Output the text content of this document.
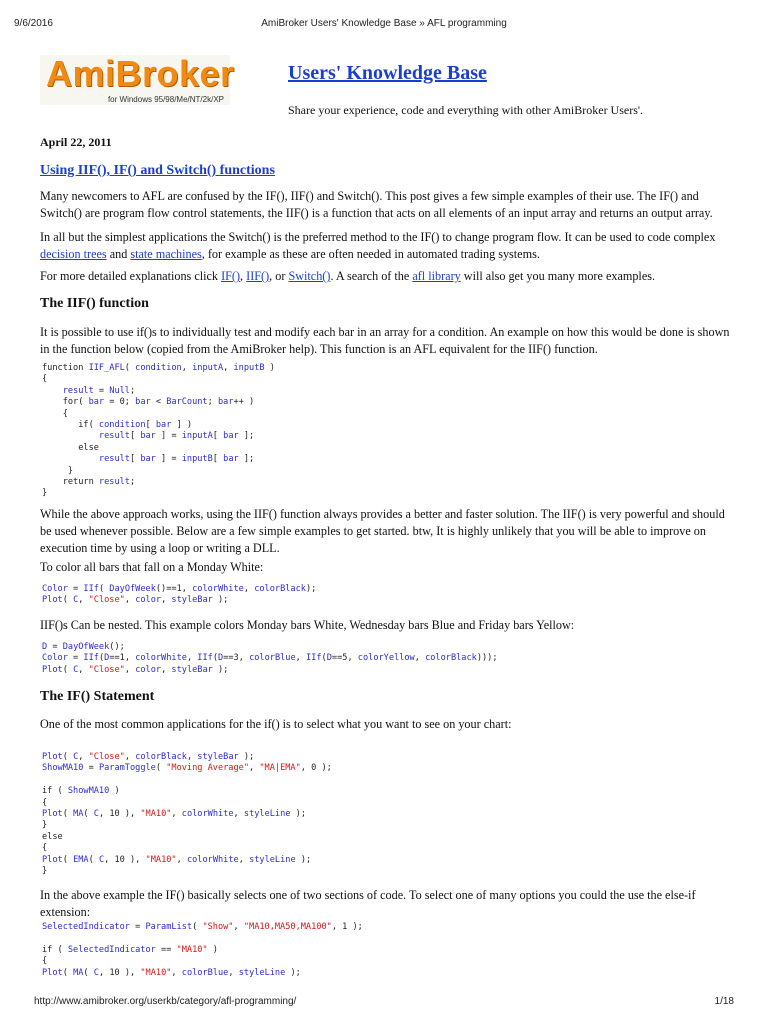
9/6/2016	AmiBroker Users' Knowledge Base » AFL programming
AmiBroker
for Windows 95/98/Me/NT/2k/XP
Users' Knowledge Base
Share your experience, code and everything with other AmiBroker Users'.
April 22, 2011
Using IIF(), IF() and Switch() functions
Many newcomers to AFL are confused by the IF(), IIF() and Switch(). This post gives a few simple examples of their use. The IF() and Switch() are program flow control statements, the IIF() is a function that acts on all elements of an input array and returns an output array.
In all but the simplest applications the Switch() is the preferred method to the IF() to change program flow. It can be used to code complex decision trees and state machines, for example as these are often needed in automated trading systems.
For more detailed explanations click IF(), IIF(), or Switch(). A search of the afl library will also get you many more examples.
The IIF() function
It is possible to use if()s to individually test and modify each bar in an array for a condition. An example on how this would be done is shown in the function below (copied from the AmiBroker help). This function is an AFL equivalent for the IIF() function.
function IIF_AFL( condition, inputA, inputB )
{
result = Null;
for( bar = 0; bar < BarCount; bar++ )
{
if( condition[ bar ] )
result[ bar ] = inputA[ bar ];
else
result[ bar ] = inputB[ bar ];
}
return result;
}
While the above approach works, using the IIF() function always provides a better and faster solution. The IIF() is very powerful and should be used whenever possible. Below are a few simple examples to get started. btw, It is highly unlikely that you will be able to improve on execution time by using a loop or writing a DLL.
To color all bars that fall on a Monday White:
Color = IIf( DayOfWeek()==1, colorWhite, colorBlack);
Plot( C, "Close", color, styleBar );
IIF()s Can be nested. This example colors Monday bars White, Wednesday bars Blue and Friday bars Yellow:
D = DayOfWeek();
Color = IIf(D==1, colorWhite, IIf(D==3, colorBlue, IIf(D==5, colorYellow, colorBlack)));
Plot( C, "Close", color, styleBar );
The IF() Statement
One of the most common applications for the if() is to select what you want to see on your chart:
Plot( C, "Close", colorBlack, styleBar );
ShowMA10 = ParamToggle( "Moving Average", "MA|EMA", 0 );

if ( ShowMA10 )
{
Plot( MA( C, 10 ), "MA10", colorWhite, styleLine );
}
else
{
Plot( EMA( C, 10 ), "MA10", colorWhite, styleLine );
}
In the above example the IF() basically selects one of two sections of code. To select one of many options you could the use the else-if extension:
SelectedIndicator = ParamList( "Show", "MA10,MA50,MA100", 1 );

if ( SelectedIndicator == "MA10" )
{
Plot( MA( C, 10 ), "MA10", colorBlue, styleLine );
http://www.amibroker.org/userkb/category/afl-programming/	1/18
